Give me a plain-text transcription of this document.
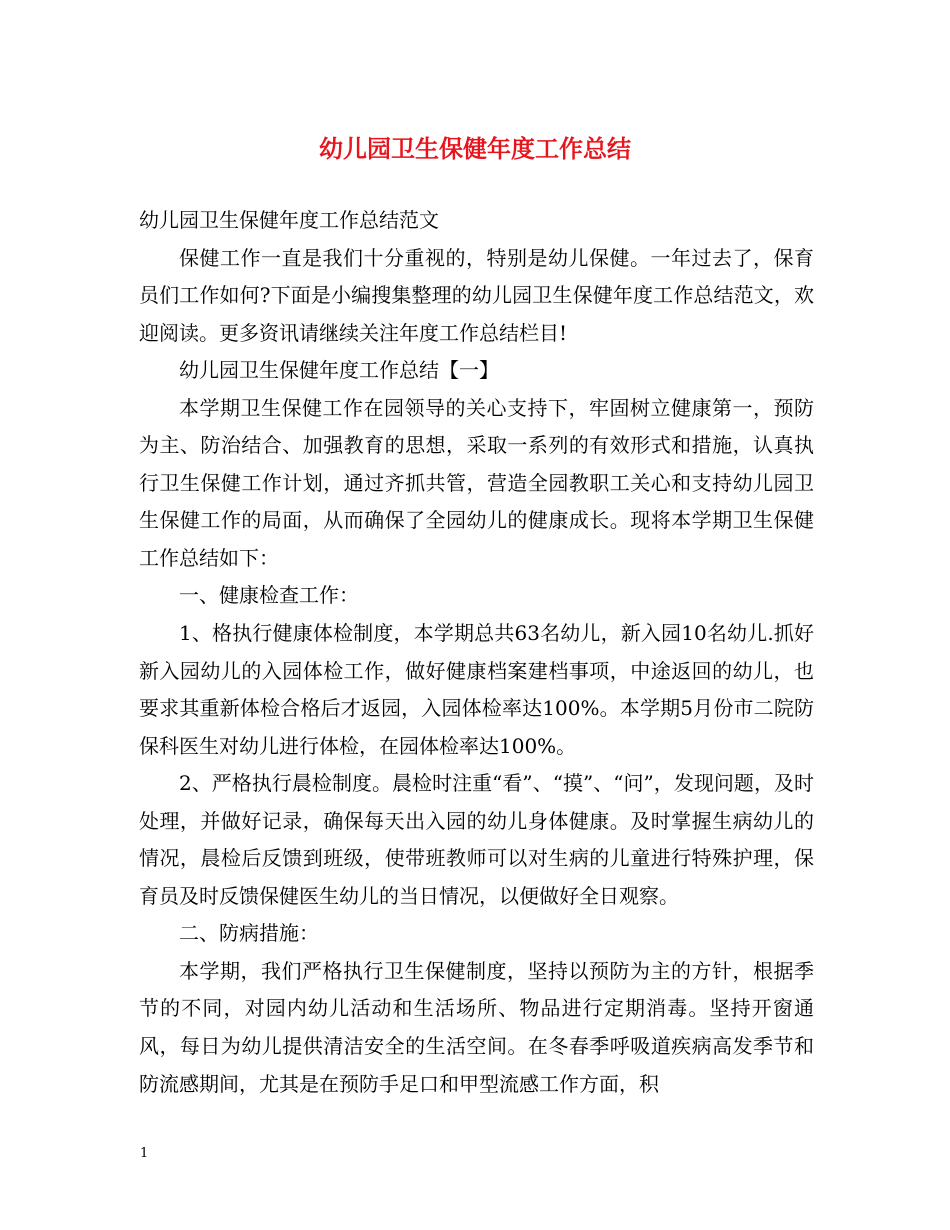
幼儿园卫生保健年度工作总结

幼儿园卫生保健年度工作总结范文

保健工作一直是我们十分重视的，特别是幼儿保健。一年过去了，保育员们工作如何?下面是小编搜集整理的幼儿园卫生保健年度工作总结范文，欢迎阅读。更多资讯请继续关注年度工作总结栏目!

幼儿园卫生保健年度工作总结【一】

本学期卫生保健工作在园领导的关心支持下，牢固树立健康第一，预防为主、防治结合、加强教育的思想，采取一系列的有效形式和措施，认真执行卫生保健工作计划，通过齐抓共管，营造全园教职工关心和支持幼儿园卫生保健工作的局面，从而确保了全园幼儿的健康成长。现将本学期卫生保健工作总结如下：

一、健康检查工作：

1、格执行健康体检制度，本学期总共63名幼儿，新入园10名幼儿.抓好新入园幼儿的入园体检工作，做好健康档案建档事项，中途返回的幼儿，也要求其重新体检合格后才返园，入园体检率达100%。本学期5月份市二院防保科医生对幼儿进行体检，在园体检率达100%。

2、严格执行晨检制度。晨检时注重“看”、“摸”、“问”，发现问题，及时处理，并做好记录，确保每天出入园的幼儿身体健康。及时掌握生病幼儿的情况，晨检后反馈到班级，使带班教师可以对生病的儿童进行特殊护理，保育员及时反馈保健医生幼儿的当日情况，以便做好全日观察。

二、防病措施：

本学期，我们严格执行卫生保健制度，坚持以预防为主的方针，根据季节的不同，对园内幼儿活动和生活场所、物品进行定期消毒。坚持开窗通风，每日为幼儿提供清洁安全的生活空间。在冬春季呼吸道疾病高发季节和防流感期间，尤其是在预防手足口和甲型流感工作方面，积

1
